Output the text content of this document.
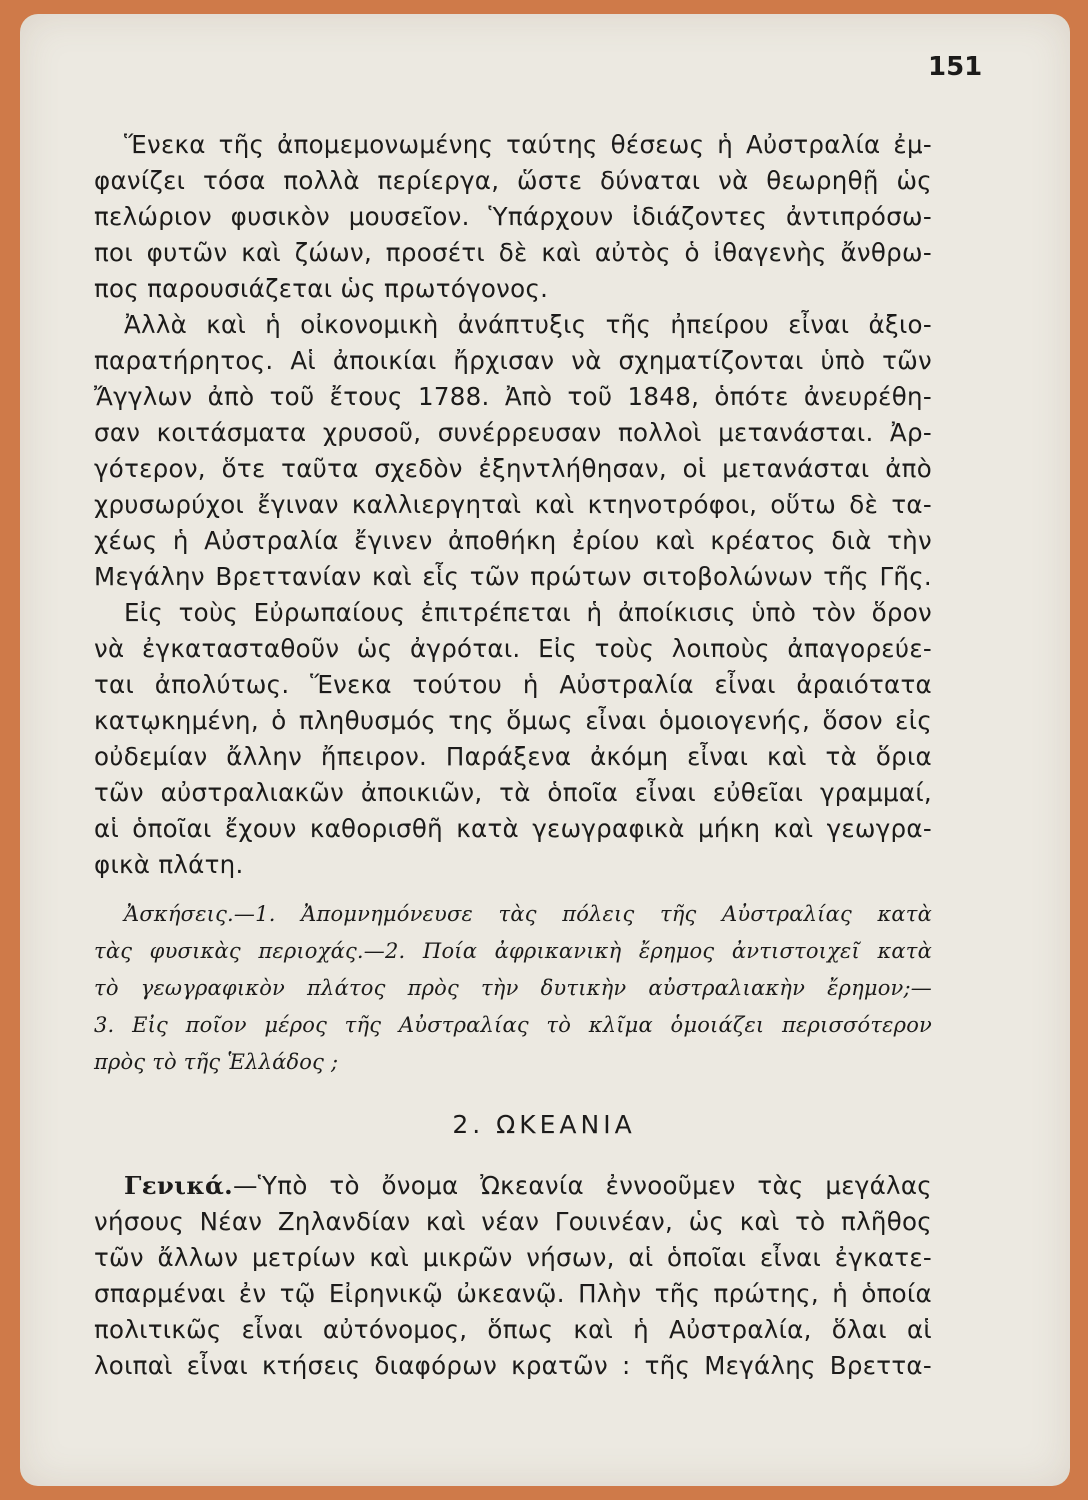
151
Ἕνεκα τῆς ἀπομεμονωμένης ταύτης θέσεως ἡ Αὐστραλία ἐμ-
φανίζει τόσα πολλὰ περίεργα, ὥστε δύναται νὰ θεωρηθῇ ὡς
πελώριον φυσικὸν μουσεῖον. Ὑπάρχουν ἰδιάζοντες ἀντιπρόσω-
ποι φυτῶν καὶ ζώων, προσέτι δὲ καὶ αὐτὸς ὁ ἰθαγενὴς ἄνθρω-
πος παρουσιάζεται ὡς πρωτόγονος.
Ἀλλὰ καὶ ἡ οἰκονομικὴ ἀνάπτυξις τῆς ἠπείρου εἶναι ἀξιο-
παρατήρητος. Αἱ ἀποικίαι ἤρχισαν νὰ σχηματίζονται ὑπὸ τῶν
Ἄγγλων ἀπὸ τοῦ ἔτους 1788. Ἀπὸ τοῦ 1848, ὁπότε ἀνευρέθη-
σαν κοιτάσματα χρυσοῦ, συνέρρευσαν πολλοὶ μετανάσται. Ἀρ-
γότερον, ὅτε ταῦτα σχεδὸν ἐξηντλήθησαν, οἱ μετανάσται ἀπὸ
χρυσωρύχοι ἔγιναν καλλιεργηταὶ καὶ κτηνοτρόφοι, οὕτω δὲ τα-
χέως ἡ Αὐστραλία ἔγινεν ἀποθήκη ἐρίου καὶ κρέατος διὰ τὴν
Μεγάλην Βρεττανίαν καὶ εἷς τῶν πρώτων σιτοβολώνων τῆς Γῆς.
Εἰς τοὺς Εὐρωπαίους ἐπιτρέπεται ἡ ἀποίκισις ὑπὸ τὸν ὅρον
νὰ ἐγκατασταθοῦν ὡς ἀγρόται. Εἰς τοὺς λοιποὺς ἀπαγορεύε-
ται ἀπολύτως. Ἕνεκα τούτου ἡ Αὐστραλία εἶναι ἀραιότατα
κατῳκημένη, ὁ πληθυσμός της ὅμως εἶναι ὁμοιογενής, ὅσον εἰς
οὐδεμίαν ἄλλην ἤπειρον. Παράξενα ἀκόμη εἶναι καὶ τὰ ὅρια
τῶν αὐστραλιακῶν ἀποικιῶν, τὰ ὁποῖα εἶναι εὐθεῖαι γραμμαί,
αἱ ὁποῖαι ἔχουν καθορισθῆ κατὰ γεωγραφικὰ μήκη καὶ γεωγρα-
φικὰ πλάτη.
Ἀσκήσεις.—1. Ἀπομνημόνευσε τὰς πόλεις τῆς Αὐστραλίας κατὰ
τὰς φυσικὰς περιοχάς.—2. Ποία ἀφρικανικὴ ἔρημος ἀντιστοιχεῖ κατὰ
τὸ γεωγραφικὸν πλάτος πρὸς τὴν δυτικὴν αὐστραλιακὴν ἔρημον;—
3. Εἰς ποῖον μέρος τῆς Αὐστραλίας τὸ κλῖμα ὁμοιάζει περισσότερον
πρὸς τὸ τῆς Ἑλλάδος ;
2. ΩΚΕΑΝΙΑ
Γενικά.—Ὑπὸ τὸ ὄνομα Ὠκεανία ἐννοοῦμεν τὰς μεγάλας
νήσους Νέαν Ζηλανδίαν καὶ νέαν Γουινέαν, ὡς καὶ τὸ πλῆθος
τῶν ἄλλων μετρίων καὶ μικρῶν νήσων, αἱ ὁποῖαι εἶναι ἐγκατε-
σπαρμέναι ἐν τῷ Εἰρηνικῷ ὠκεανῷ. Πλὴν τῆς πρώτης, ἡ ὁποία
πολιτικῶς εἶναι αὐτόνομος, ὅπως καὶ ἡ Αὐστραλία, ὅλαι αἱ
λοιπαὶ εἶναι κτήσεις διαφόρων κρατῶν : τῆς Μεγάλης Βρεττα-
